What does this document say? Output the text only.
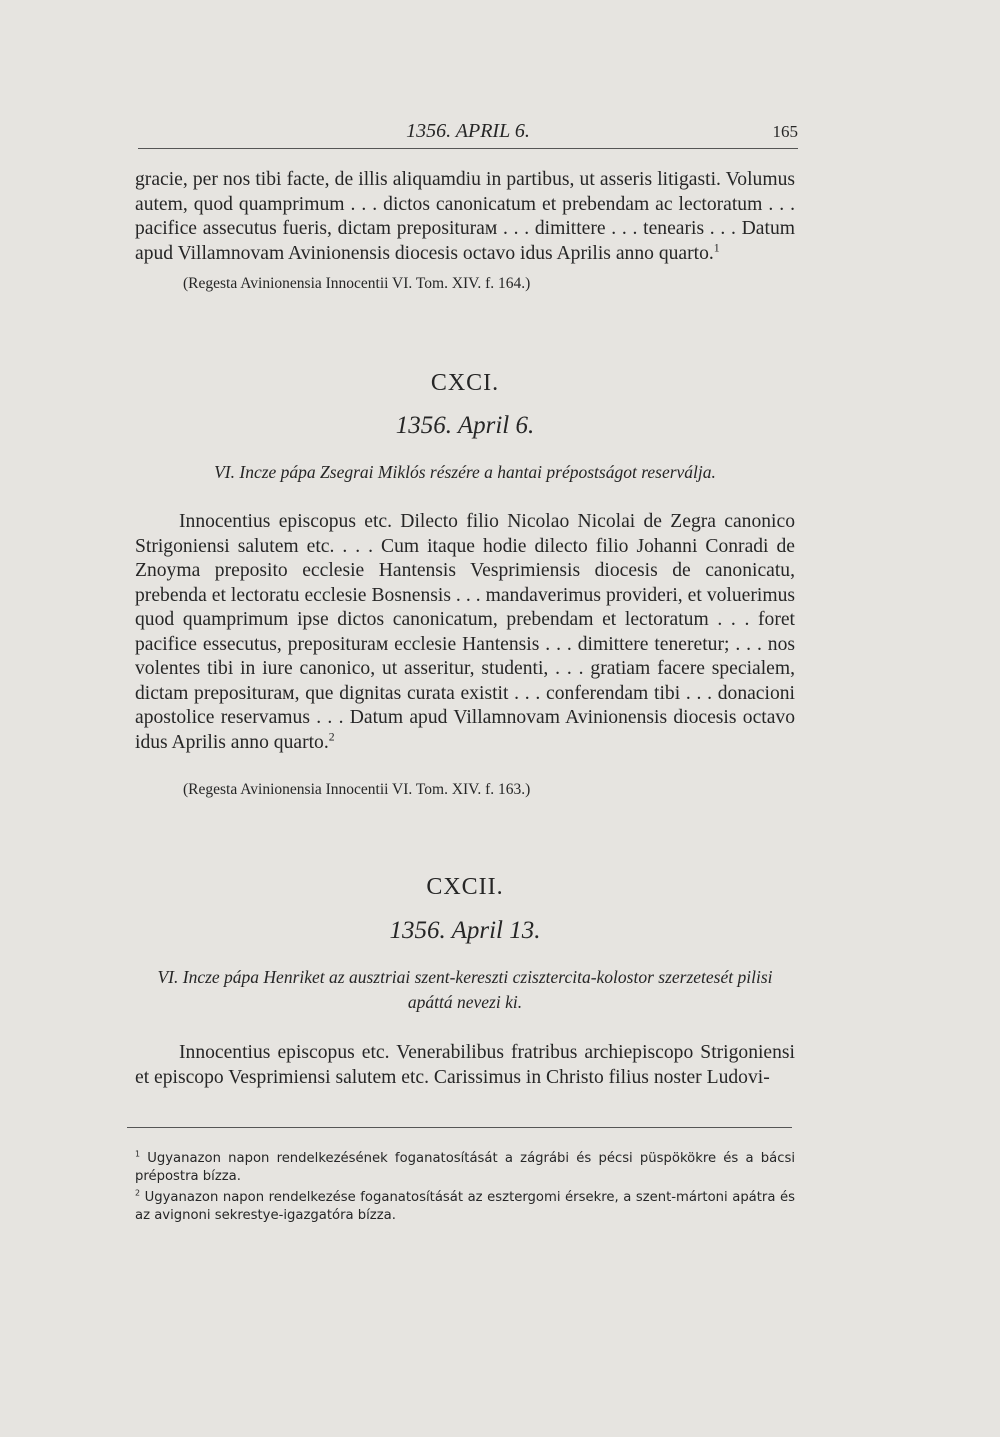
1356. APRIL 6.	165

gracie, per nos tibi facte, de illis aliquamdiu in partibus, ut asseris litigasti. Volumus autem, quod quamprimum . . . dictos canonicatum et prebendam ac lectoratum . . . pacifice assecutus fueris, dictam prepositurам . . . dimittere . . . tenearis . . . Datum apud Villamnovam Avinionensis diocesis octavo idus Aprilis anno quarto.$^1$

(Regesta Avinionensia Innocentii VI. Tom. XIV. f. 164.)
CXCI.
1356. April 6.
VI. Incze pápa Zsegrai Miklós részére a hantai prépostságot reserválja.

Innocentius episcopus etc. Dilecto filio Nicolao Nicolai de Zegra canonico Strigoniensi salutem etc. . . . Cum itaque hodie dilecto filio Johanni Conradi de Znoyma preposito ecclesie Hantensis Vesprimiensis diocesis de canonicatu, prebenda et lectoratu ecclesie Bosnensis . . . mandaverimus provideri, et voluerimus quod quamprimum ipse dictos canonicatum, prebendam et lectoratum . . . foret pacifice essecutus, prepositurам ecclesie Hantensis . . . dimittere teneretur; . . . nos volentes tibi in iure canonico, ut asseritur, studenti, . . . gratiam facere specialem, dictam prepositurам, que dignitas curata existit . . . conferendam tibi . . . donacioni apostolice reservamus . . . Datum apud Villamnovam Avinionensis diocesis octavo idus Aprilis anno quarto.$^2$

(Regesta Avinionensia Innocentii VI. Tom. XIV. f. 163.)
CXCII.
1356. April 13.
VI. Incze pápa Henriket az ausztriai szent-kereszti czisztercita-kolostor szerzetesét pilisi apáttá nevezi ki.

Innocentius episcopus etc. Venerabilibus fratribus archiepiscopo Strigoniensi et episcopo Vesprimiensi salutem etc. Carissimus in Christo filius noster Ludovi-

$^1$ Ugyanazon napon rendelkezésének foganatosítását a zágrábi és pécsi püspökökre és a bácsi prépostra bízza.

$^2$ Ugyanazon napon rendelkezése foganatosítását az esztergomi érsekre, a szent-mártoni apátra és az avignoni sekrestye-igazgatóra bízza.
